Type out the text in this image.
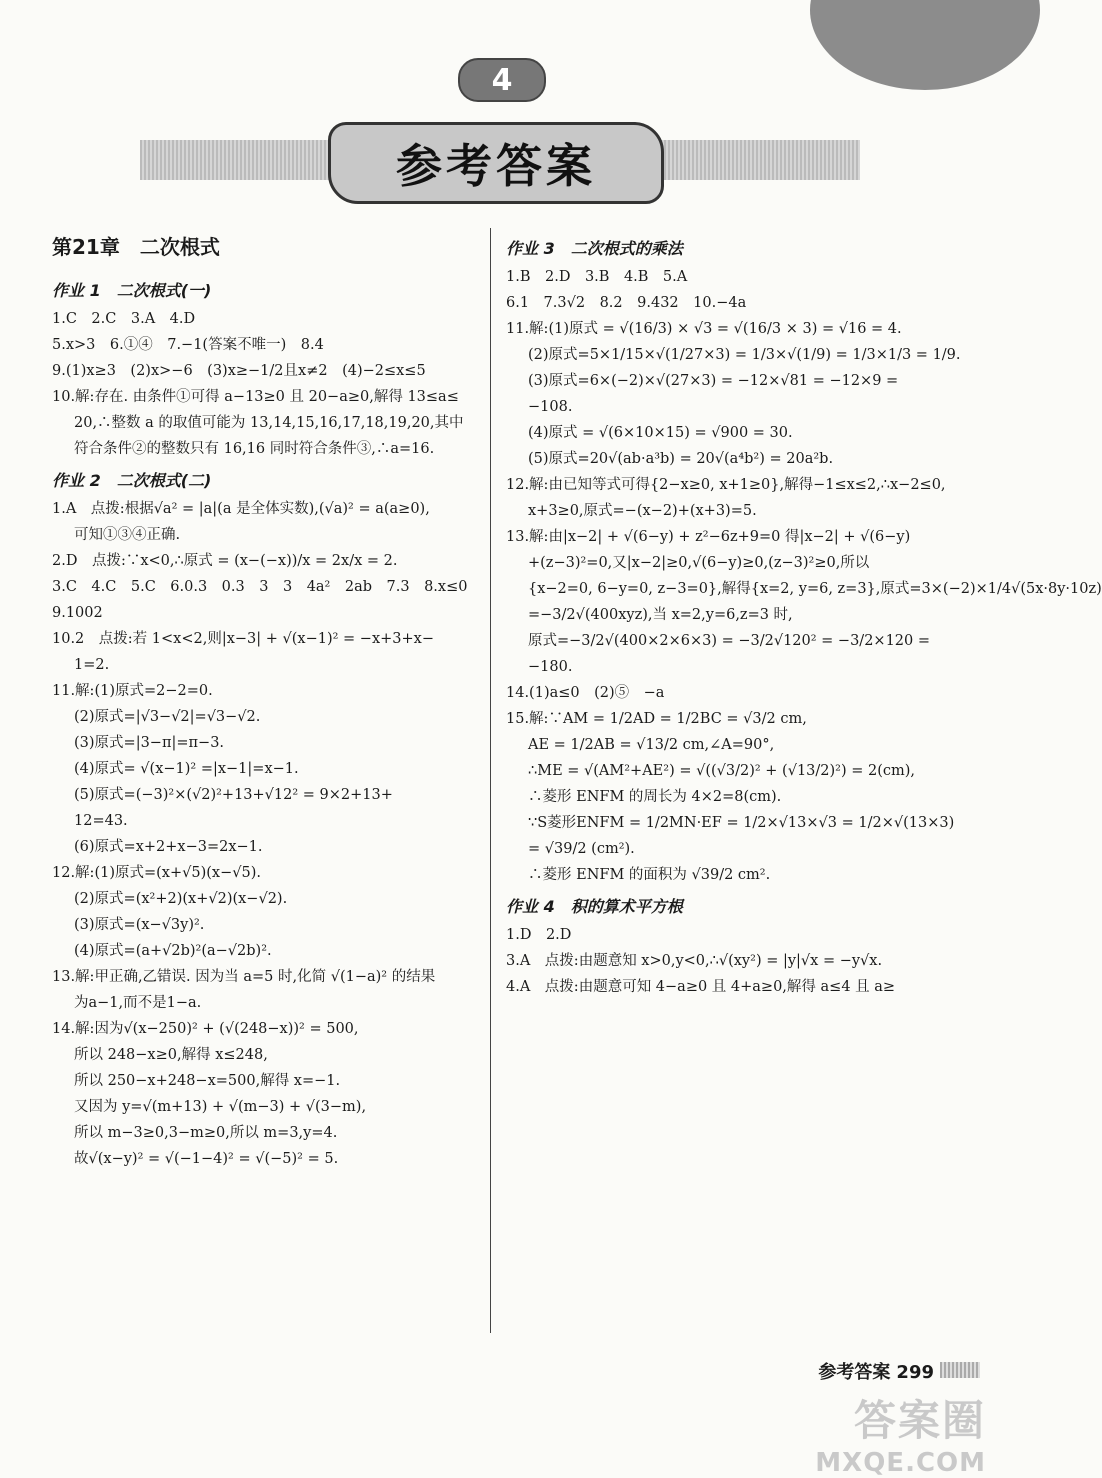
4
参考答案
第21章　二次根式
作业 1　二次根式(一)
1.C　2.C　3.A　4.D
5.x>3　6.①④　7.−1(答案不唯一)　8.4
9.(1)x≥3　(2)x>−6　(3)x≥−1/2且x≠2　(4)−2≤x≤5
10.解:存在. 由条件①可得 a−13≥0 且 20−a≥0,解得 13≤a≤
20,∴整数 a 的取值可能为 13,14,15,16,17,18,19,20,其中
符合条件②的整数只有 16,16 同时符合条件③,∴a=16.
作业 2　二次根式(二)
1.A　点拨:根据√a² = |a|(a 是全体实数),(√a)² = a(a≥0),
可知①③④正确.
2.D　点拨:∵x<0,∴原式 = (x−(−x))/x = 2x/x = 2.
3.C　4.C　5.C　6.0.3　0.3　3　3　4a²　2ab　7.3　8.x≤0
9.1002
10.2　点拨:若 1<x<2,则|x−3| + √(x−1)² = −x+3+x−
1=2.
11.解:(1)原式=2−2=0.
(2)原式=|√3−√2|=√3−√2.
(3)原式=|3−π|=π−3.
(4)原式= √(x−1)² =|x−1|=x−1.
(5)原式=(−3)²×(√2)²+13+√12² = 9×2+13+
12=43.
(6)原式=x+2+x−3=2x−1.
12.解:(1)原式=(x+√5)(x−√5).
(2)原式=(x²+2)(x+√2)(x−√2).
(3)原式=(x−√3y)².
(4)原式=(a+√2b)²(a−√2b)².
13.解:甲正确,乙错误. 因为当 a=5 时,化简 √(1−a)² 的结果
为a−1,而不是1−a.
14.解:因为√(x−250)² + (√(248−x))² = 500,
所以 248−x≥0,解得 x≤248,
所以 250−x+248−x=500,解得 x=−1.
又因为 y=√(m+13) + √(m−3) + √(3−m),
所以 m−3≥0,3−m≥0,所以 m=3,y=4.
故√(x−y)² = √(−1−4)² = √(−5)² = 5.
作业 3　二次根式的乘法
1.B　2.D　3.B　4.B　5.A
6.1　7.3√2　8.2　9.432　10.−4a
11.解:(1)原式 = √(16/3) × √3 = √(16/3 × 3) = √16 = 4.
(2)原式=5×1/15×√(1/27×3) = 1/3×√(1/9) = 1/3×1/3 = 1/9.
(3)原式=6×(−2)×√(27×3) = −12×√81 = −12×9 =
−108.
(4)原式 = √(6×10×15) = √900 = 30.
(5)原式=20√(ab·a³b) = 20√(a⁴b²) = 20a²b.
12.解:由已知等式可得{2−x≥0, x+1≥0},解得−1≤x≤2,∴x−2≤0,
x+3≥0,原式=−(x−2)+(x+3)=5.
13.解:由|x−2| + √(6−y) + z²−6z+9=0 得|x−2| + √(6−y)
+(z−3)²=0,又|x−2|≥0,√(6−y)≥0,(z−3)²≥0,所以
{x−2=0, 6−y=0, z−3=0},解得{x=2, y=6, z=3},原式=3×(−2)×1/4√(5x·8y·10z)
=−3/2√(400xyz),当 x=2,y=6,z=3 时,
原式=−3/2√(400×2×6×3) = −3/2√120² = −3/2×120 =
−180.
14.(1)a≤0　(2)⑤　−a
15.解:∵AM = 1/2AD = 1/2BC = √3/2 cm,
AE = 1/2AB = √13/2 cm,∠A=90°,
∴ME = √(AM²+AE²) = √((√3/2)² + (√13/2)²) = 2(cm),
∴菱形 ENFM 的周长为 4×2=8(cm).
∵S菱形ENFM = 1/2MN·EF = 1/2×√13×√3 = 1/2×√(13×3)
= √39/2 (cm²).
∴菱形 ENFM 的面积为 √39/2 cm².
作业 4　积的算术平方根
1.D　2.D
3.A　点拨:由题意知 x>0,y<0,∴√(xy²) = |y|√x = −y√x.
4.A　点拨:由题意可知 4−a≥0 且 4+a≥0,解得 a≤4 且 a≥
参考答案 299
答案圈
MXQE.COM
